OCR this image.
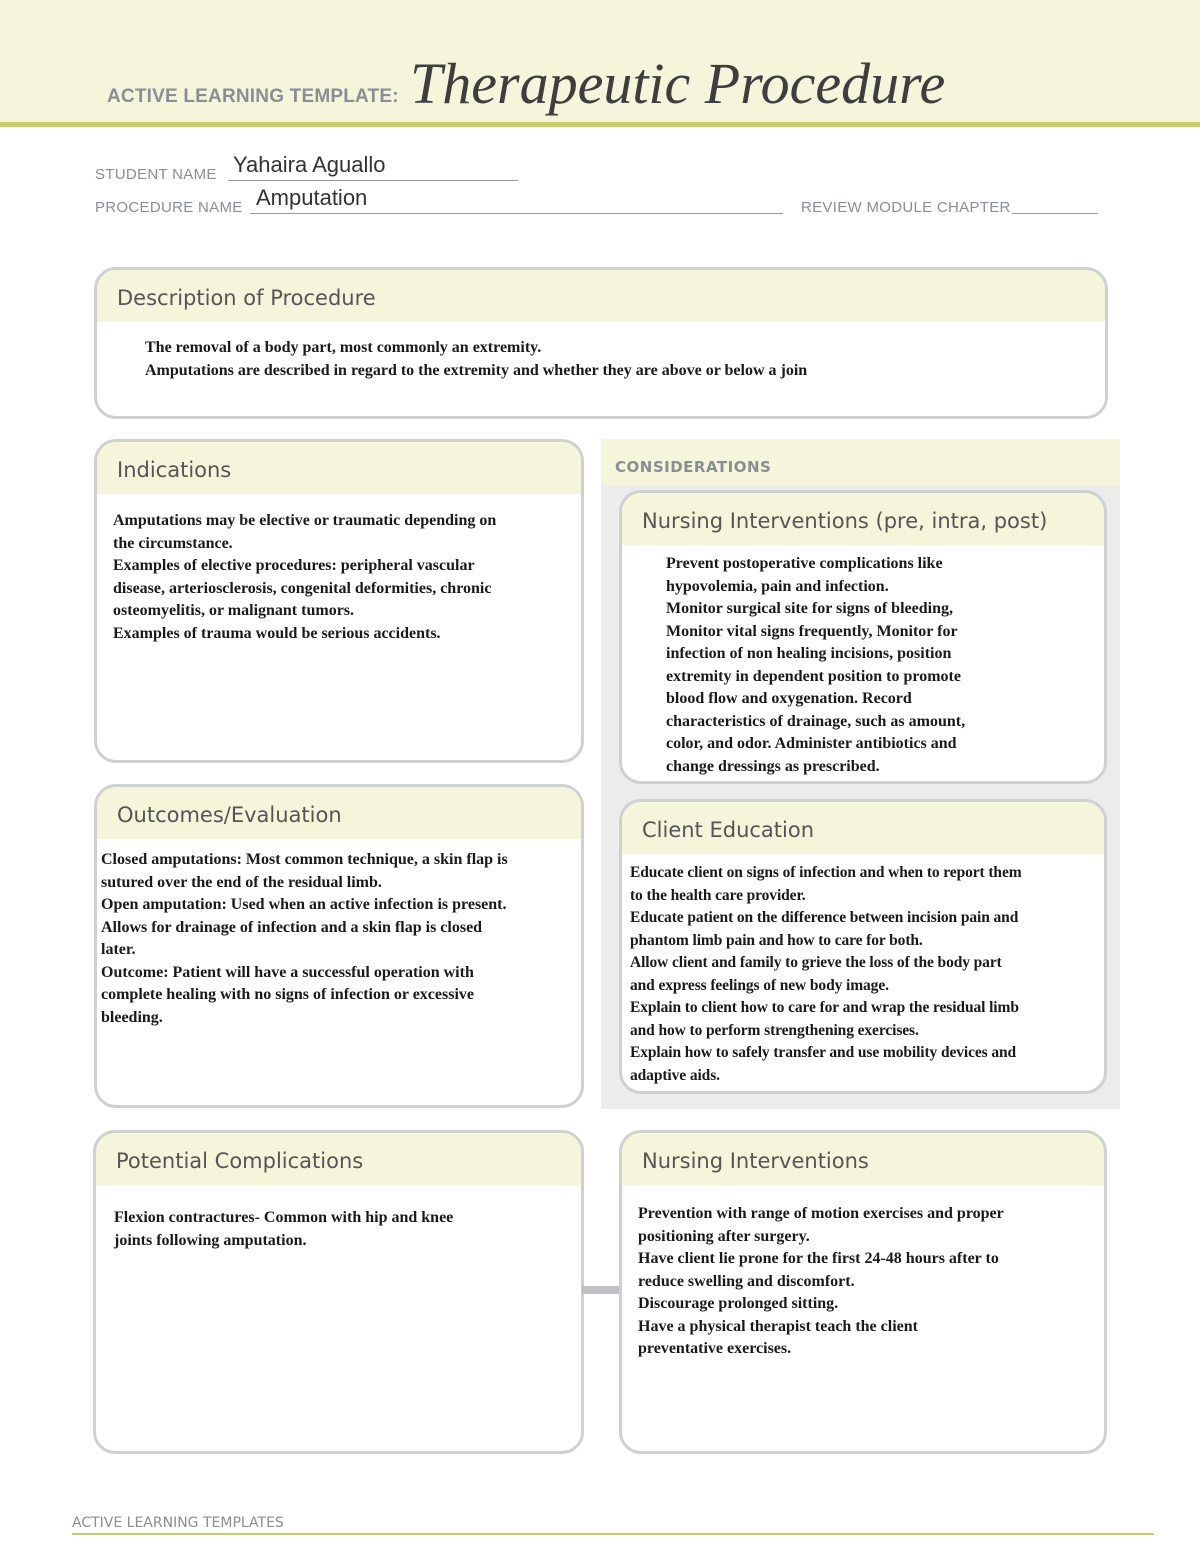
ACTIVE LEARNING TEMPLATE: Therapeutic Procedure
STUDENT NAME Yahaira Aguallo
PROCEDURE NAME Amputation	REVIEW MODULE CHAPTER
Description of Procedure
The removal of a body part, most commonly an extremity.
Amputations are described in regard to the extremity and whether they are above or below a join
Indications
Amputations may be elective or traumatic depending on
the circumstance.
Examples of elective procedures: peripheral vascular
disease, arteriosclerosis, congenital deformities, chronic
osteomyelitis, or malignant tumors.
Examples of trauma would be serious accidents.
CONSIDERATIONS
Nursing Interventions (pre, intra, post)
Prevent postoperative complications like
hypovolemia, pain and infection.
Monitor surgical site for signs of bleeding,
Monitor vital signs frequently, Monitor for
infection of non healing incisions, position
extremity in dependent position to promote
blood flow and oxygenation. Record
characteristics of drainage, such as amount,
color, and odor. Administer antibiotics and
change dressings as prescribed.
Outcomes/Evaluation
Closed amputations: Most common technique, a skin flap is
sutured over the end of the residual limb.
Open amputation: Used when an active infection is present.
Allows for drainage of infection and a skin flap is closed
later.
Outcome: Patient will have a successful operation with
complete healing with no signs of infection or excessive
bleeding.
Client Education
Educate client on signs of infection and when to report them
to the health care provider.
Educate patient on the difference between incision pain and
phantom limb pain and how to care for both.
Allow client and family to grieve the loss of the body part
and express feelings of new body image.
Explain to client how to care for and wrap the residual limb
and how to perform strengthening exercises.
Explain how to safely transfer and use mobility devices and
adaptive aids.
Potential Complications
Flexion contractures- Common with hip and knee
joints following amputation.
Nursing Interventions
Prevention with range of motion exercises and proper
positioning after surgery.
Have client lie prone for the first 24-48 hours after to
reduce swelling and discomfort.
Discourage prolonged sitting.
Have a physical therapist teach the client
preventative exercises.
ACTIVE LEARNING TEMPLATES
